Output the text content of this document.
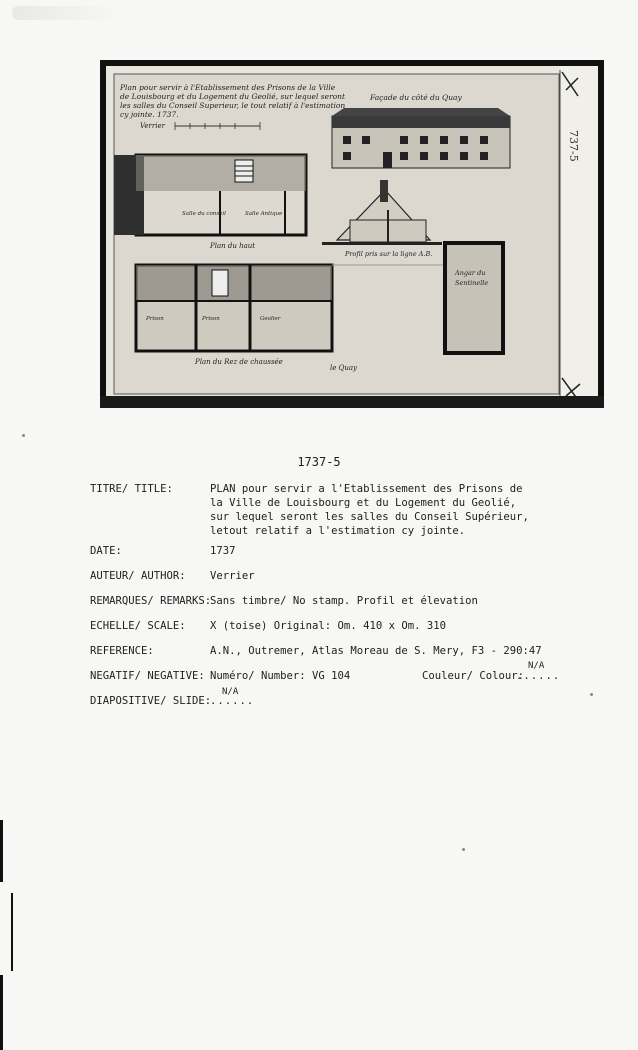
Plan pour servir à l'Etablissement des Prisons de la Ville de Louisbourg et du Logement du Geolié, sur lequel seront les salles du Conseil Superieur, le tout relatif à l'estimation cy jointe. 1737.
Verrier
Façade du côté du Quay
Profil pris sur la ligne A.B.
Salle du conseil	Salle Antique
Plan du haut
Prison	Prison	Geolier
Plan du Rez de chaussée
Angar du
Sentinelle
le Quay
737-5
1737-5
TITRE/ TITLE:	PLAN pour servir a l'Etablissement des Prisons de la Ville de Louisbourg et du Logement du Geolié, sur lequel seront les salles du Conseil Supérieur, letout relatif a l'estimation cy jointe.
DATE:	1737
AUTEUR/ AUTHOR: Verrier
REMARQUES/ REMARKS:
Sans timbre/ No stamp. Profil et élevation
ECHELLE/ SCALE: X (toise) Original: Om. 410 x Om. 310
REFERENCE:	A.N., Outremer, Atlas Moreau de S. Mery, F3 - 290:47
NEGATIF/ NEGATIVE: Numéro/ Number: VG 104	Couleur/ Colour:
......
N/A
DIAPOSITIVE/ SLIDE:
......
N/A
